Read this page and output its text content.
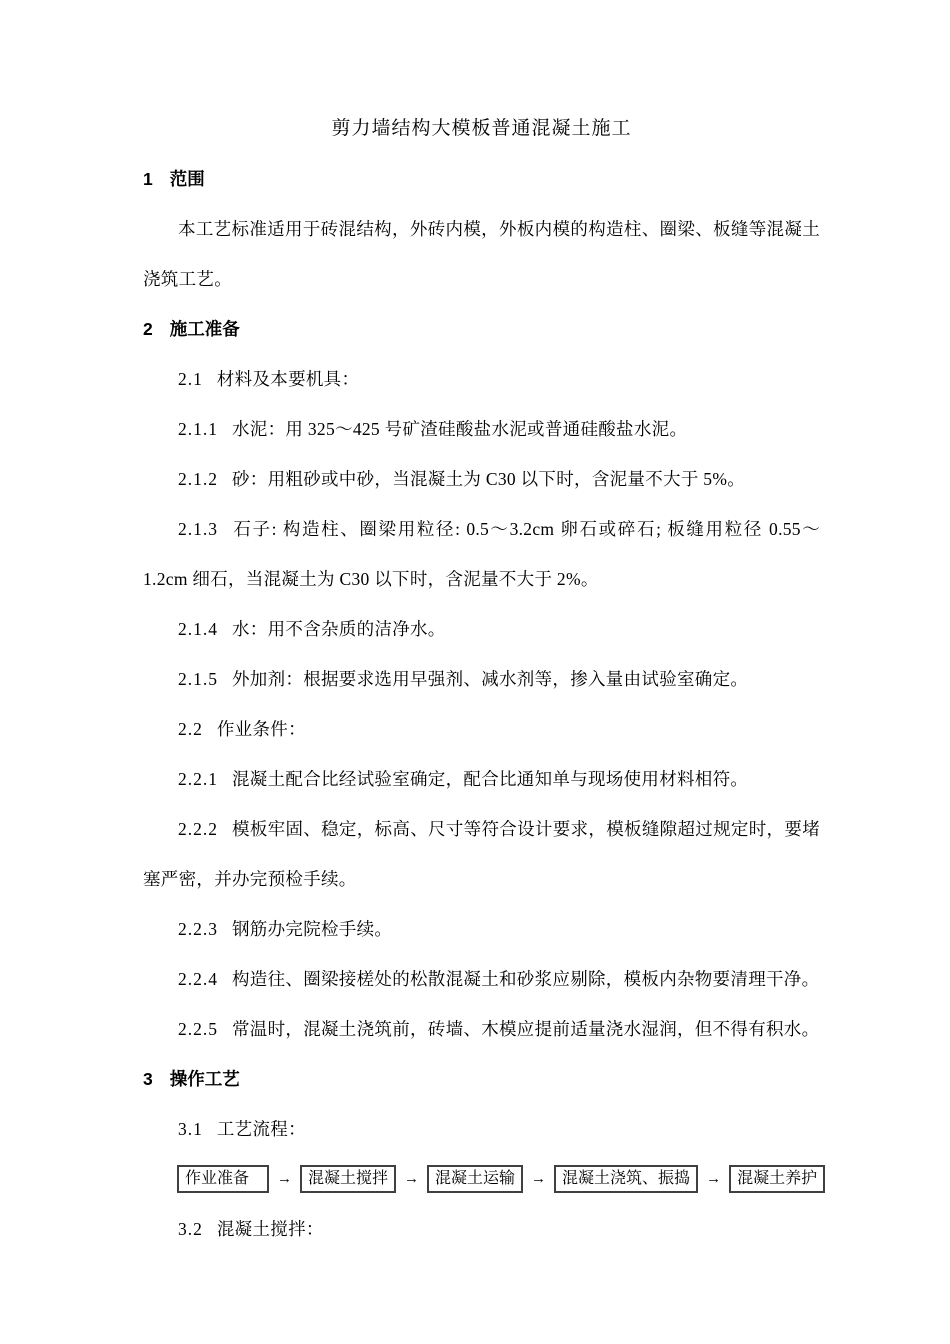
剪力墙结构大模板普通混凝土施工
1 范围
本工艺标准适用于砖混结构，外砖内模，外板内模的构造柱、圈梁、板缝等混凝土浇筑工艺。
2 施工准备
2.1 材料及本要机具：
2.1.1 水泥：用 325～425 号矿渣硅酸盐水泥或普通硅酸盐水泥。
2.1.2 砂：用粗砂或中砂，当混凝土为 C30 以下时，含泥量不大于 5%。
2.1.3 石子: 构造柱、圈梁用粒径: 0.5～3.2cm 卵石或碎石; 板缝用粒径 0.55～1.2cm 细石，当混凝土为 C30 以下时，含泥量不大于 2%。
2.1.4 水：用不含杂质的洁净水。
2.1.5 外加剂：根据要求选用早强剂、减水剂等，掺入量由试验室确定。
2.2 作业条件：
2.2.1 混凝土配合比经试验室确定，配合比通知单与现场使用材料相符。
2.2.2 模板牢固、稳定，标高、尺寸等符合设计要求，模板缝隙超过规定时，要堵塞严密，并办完预检手续。
2.2.3 钢筋办完院检手续。
2.2.4 构造往、圈梁接槎处的松散混凝土和砂浆应剔除，模板内杂物要清理干净。
2.2.5 常温时，混凝土浇筑前，砖墙、木模应提前适量浇水湿润，但不得有积水。
3 操作工艺
3.1 工艺流程：
作业准备	→	混凝土搅拌	→	混凝土运输	→	混凝土浇筑、振捣	→	混凝土养护
3.2 混凝土搅拌：
